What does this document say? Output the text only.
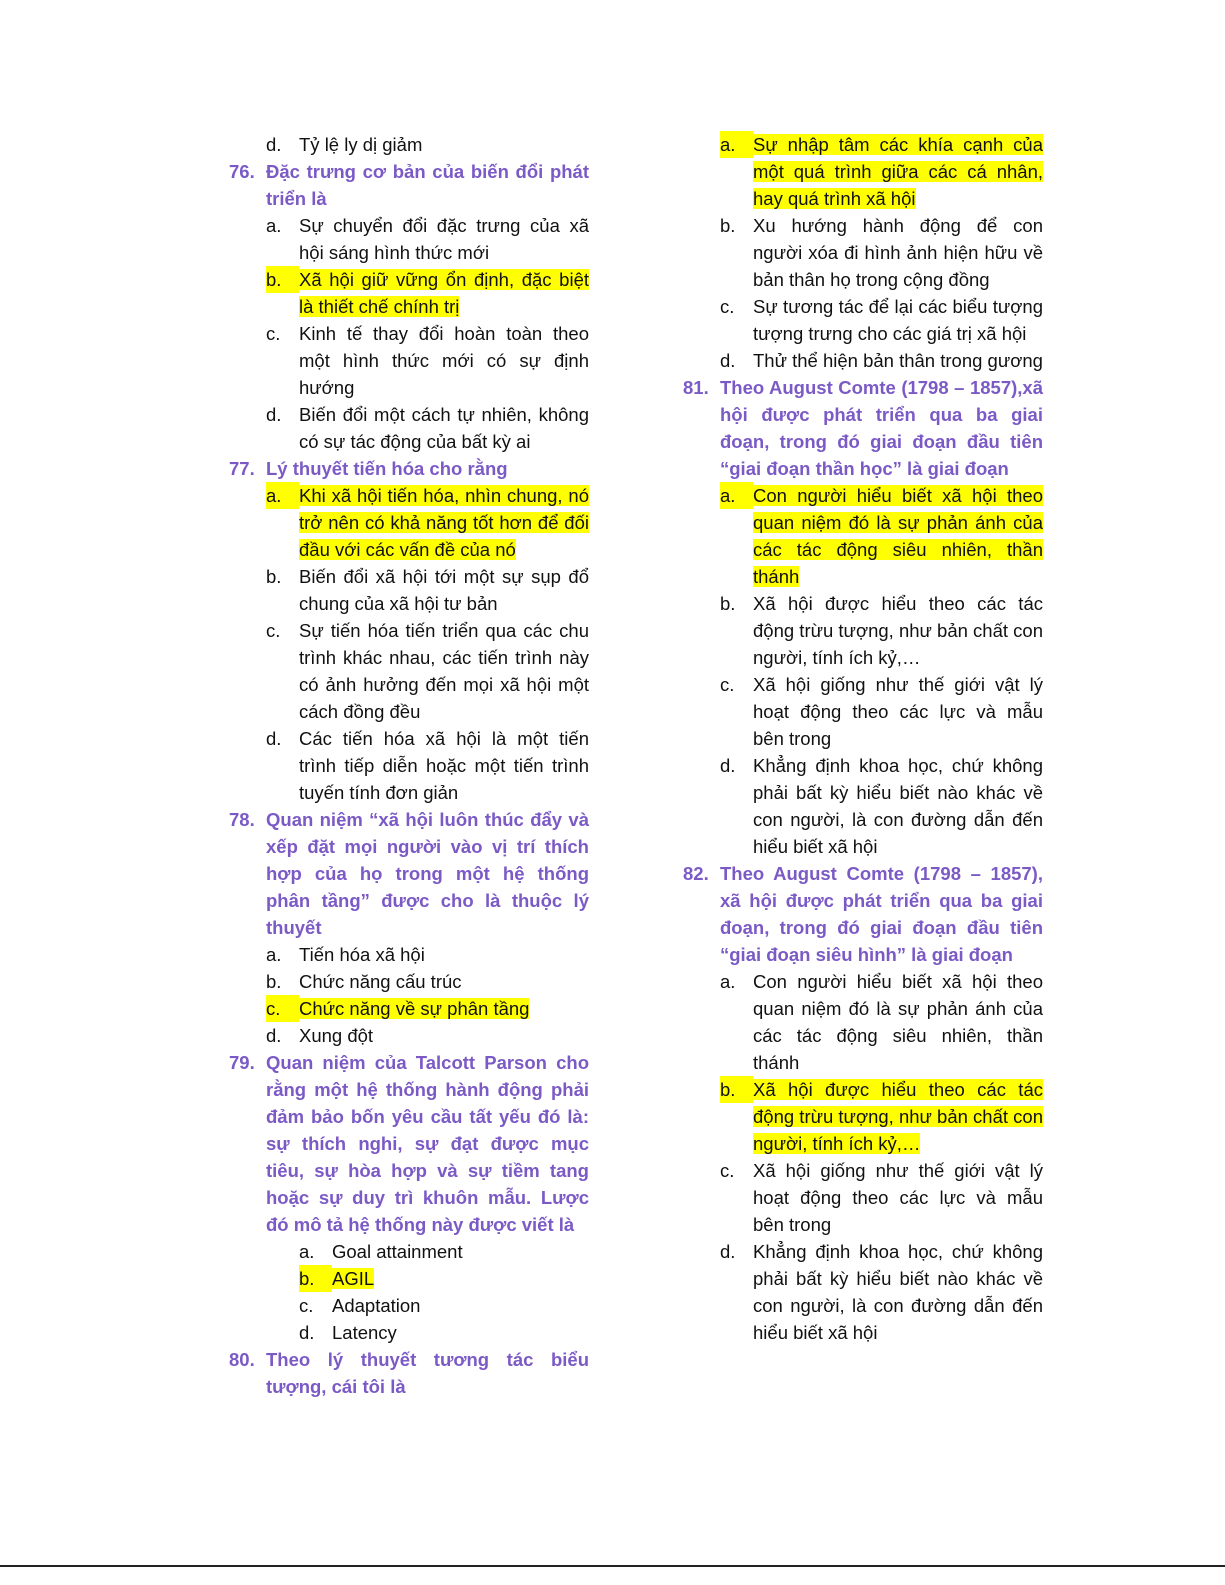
d. Tỷ lệ ly dị giảm
76. Đặc trưng cơ bản của biến đổi phát triển là
a. Sự chuyển đổi đặc trưng của xã hội sáng hình thức mới
b. Xã hội giữ vững ổn định, đặc biệt là thiết chế chính trị
c.	Kinh tế thay đổi hoàn toàn theo một hình thức mới có sự định hướng
d. Biến đổi một cách tự nhiên, không có sự tác động của bất kỳ ai
77. Lý thuyết tiến hóa cho rằng
a. Khi xã hội tiến hóa, nhìn chung, nó trở nên có khả năng tốt hơn để đối đầu với các vấn đề của nó
b. Biến đổi xã hội tới một sự sụp đổ chung của xã hội tư bản
c.	Sự tiến hóa tiến triển qua các chu trình khác nhau, các tiến trình này có ảnh hưởng đến mọi xã hội một cách đồng đều
d. Các tiến hóa xã hội là một tiến trình tiếp diễn hoặc một tiến trình tuyến tính đơn giản
78. Quan niệm “xã hội luôn thúc đẩy và xếp đặt mọi người vào vị trí thích hợp của họ trong một hệ thống phân tầng” được cho là thuộc lý thuyết
a. Tiến hóa xã hội
b. Chức năng cấu trúc
c.	Chức năng về sự phân tầng
d. Xung đột
79. Quan niệm của Talcott Parson cho rằng một hệ thống hành động phải đảm bảo bốn yêu cầu tất yếu đó là: sự thích nghi, sự đạt được mục tiêu, sự hòa hợp và sự tiềm tang hoặc sự duy trì khuôn mẫu. Lược đó mô tả hệ thống này được viết là
a. Goal attainment
b. AGIL
c.	Adaptation
d. Latency
80. Theo lý thuyết tương tác biểu tượng, cái tôi là
a. Sự nhập tâm các khía cạnh của một quá trình giữa các cá nhân, hay quá trình xã hội
b. Xu hướng hành động để con người xóa đi hình ảnh hiện hữu về bản thân họ trong cộng đồng
c.	Sự tương tác để lại các biểu tượng tượng trưng cho các giá trị xã hội
d. Thử thể hiện bản thân trong gương
81. Theo August Comte (1798 – 1857),xã hội được phát triển qua ba giai đoạn, trong đó giai đoạn đầu tiên “giai đoạn thần học” là giai đoạn
a. Con người hiểu biết xã hội theo quan niệm đó là sự phản ánh của các tác động siêu nhiên, thần thánh
b. Xã hội được hiểu theo các tác động trừu tượng, như bản chất con người, tính ích kỷ,…
c.	Xã hội giống như thế giới vật lý hoạt động theo các lực và mẫu bên trong
d. Khẳng định khoa học, chứ không phải bất kỳ hiểu biết nào khác về con người, là con đường dẫn đến hiểu biết xã hội
82. Theo August Comte (1798 – 1857), xã hội được phát triển qua ba giai đoạn, trong đó giai đoạn đầu tiên “giai đoạn siêu hình” là giai đoạn
a. Con người hiểu biết xã hội theo quan niệm đó là sự phản ánh của các tác động siêu nhiên, thần thánh
b. Xã hội được hiểu theo các tác động trừu tượng, như bản chất con người, tính ích kỷ,…
c.	Xã hội giống như thế giới vật lý hoạt động theo các lực và mẫu bên trong
d. Khẳng định khoa học, chứ không phải bất kỳ hiểu biết nào khác về con người, là con đường dẫn đến hiểu biết xã hội
